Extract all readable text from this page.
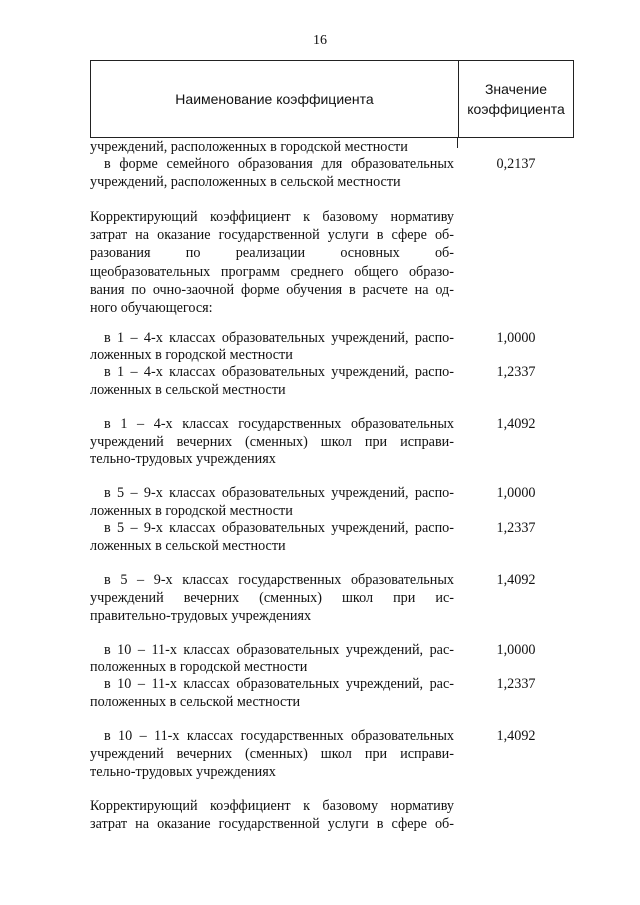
16
Наименование коэффициента
Значение
коэффициента
учреждений, расположенных в городской местности
в форме семейного образования для образовательных
учреждений, расположенных в сельской местности
Корректирующий коэффициент к базовому нормативу
затрат на оказание государственной услуги в сфере об-
разования по реализации основных об-
щеобразовательных программ среднего общего образо-
вания по очно-заочной форме обучения в расчете на од-
ного обучающегося:
в 1 – 4-х классах образовательных учреждений, распо-
ложенных в городской местности
в 1 – 4-х классах образовательных учреждений, распо-
ложенных в сельской местности
в 1 – 4-х классах государственных образовательных
учреждений вечерних (сменных) школ при исправи-
тельно-трудовых учреждениях
в 5 – 9-х классах образовательных учреждений, распо-
ложенных в городской местности
в 5 – 9-х классах образовательных учреждений, распо-
ложенных в сельской местности
в 5 – 9-х классах государственных образовательных
учреждений вечерних (сменных) школ при ис-
правительно-трудовых учреждениях
в 10 – 11-х классах образовательных учреждений, рас-
положенных в городской местности
в 10 – 11-х классах образовательных учреждений, рас-
положенных в сельской местности
в 10 – 11-х классах государственных образовательных
учреждений вечерних (сменных) школ при исправи-
тельно-трудовых учреждениях
Корректирующий коэффициент к базовому нормативу
затрат на оказание государственной услуги в сфере об-
0,2137
1,0000
1,2337
1,4092
1,0000
1,2337
1,4092
1,0000
1,2337
1,4092
